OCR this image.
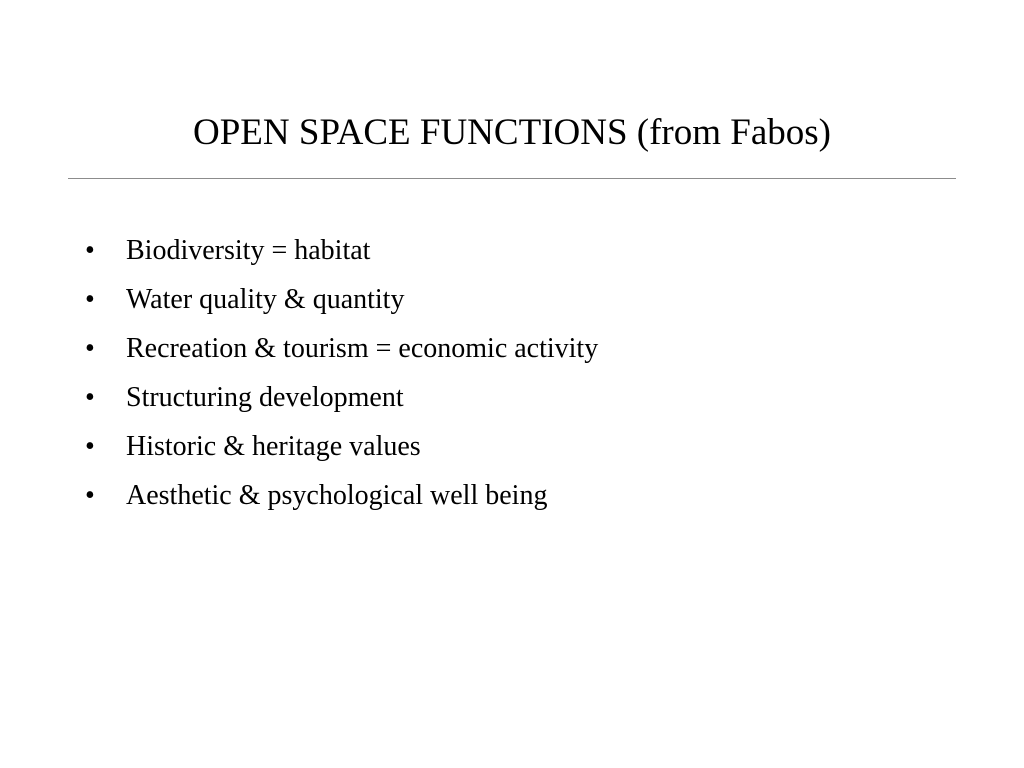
OPEN SPACE FUNCTIONS (from Fabos)
• Biodiversity = habitat
• Water quality & quantity
• Recreation & tourism = economic activity
• Structuring development
• Historic & heritage values
• Aesthetic & psychological well being
